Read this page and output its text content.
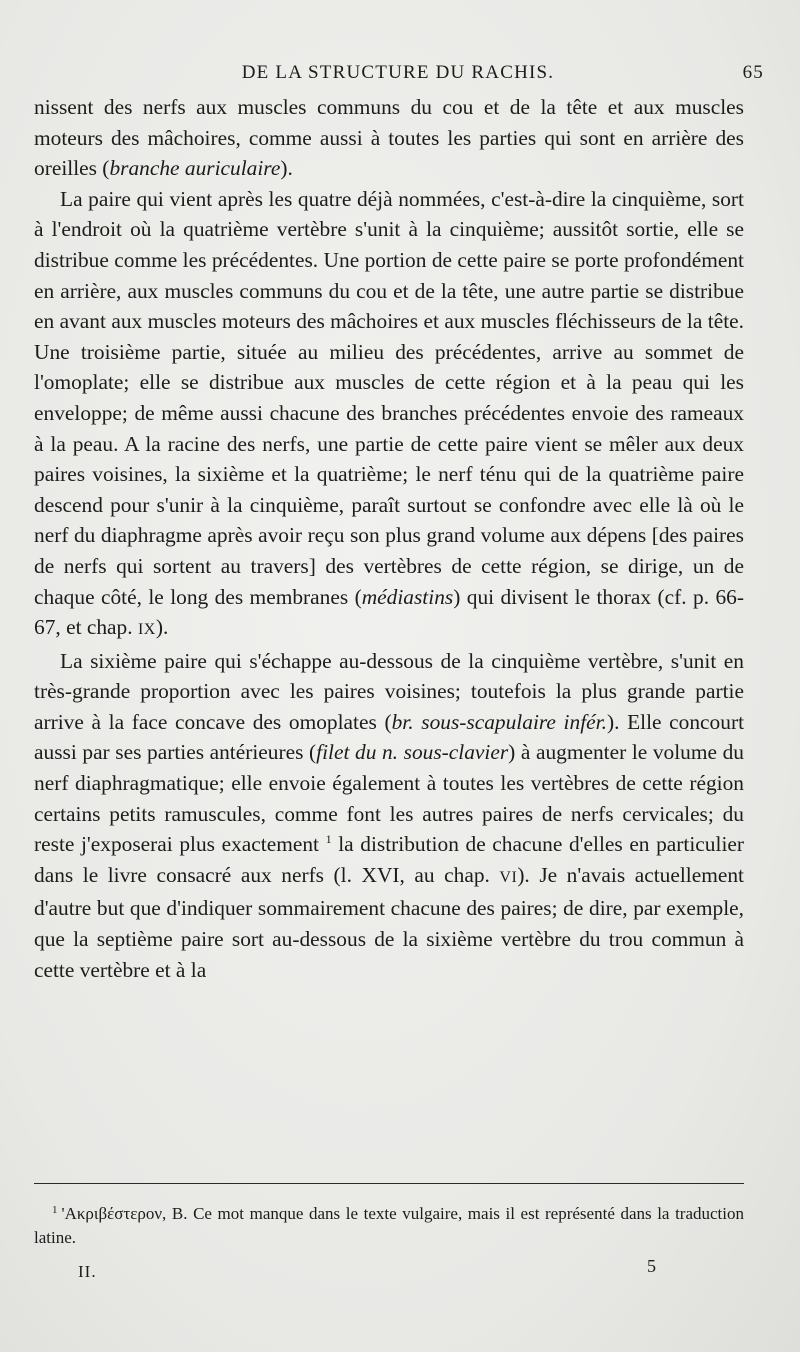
DE LA STRUCTURE DU RACHIS.	65

nissent des nerfs aux muscles communs du cou et de la tête et aux muscles moteurs des mâchoires, comme aussi à toutes les parties qui sont en arrière des oreilles (branche auriculaire).

La paire qui vient après les quatre déjà nommées, c'est-à-dire la cinquième, sort à l'endroit où la quatrième vertèbre s'unit à la cinquième; aussitôt sortie, elle se distribue comme les précédentes. Une portion de cette paire se porte profondément en arrière, aux muscles communs du cou et de la tête, une autre partie se distribue en avant aux muscles moteurs des mâchoires et aux muscles fléchisseurs de la tête. Une troisième partie, située au milieu des précédentes, arrive au sommet de l'omoplate; elle se distribue aux muscles de cette région et à la peau qui les enveloppe; de même aussi chacune des branches précédentes envoie des rameaux à la peau. A la racine des nerfs, une partie de cette paire vient se mêler aux deux paires voisines, la sixième et la quatrième; le nerf ténu qui de la quatrième paire descend pour s'unir à la cinquième, paraît surtout se confondre avec elle là où le nerf du diaphragme après avoir reçu son plus grand volume aux dépens [des paires de nerfs qui sortent au travers] des vertèbres de cette région, se dirige, un de chaque côté, le long des membranes (médiastins) qui divisent le thorax (cf. p. 66-67, et chap. IX).

La sixième paire qui s'échappe au-dessous de la cinquième vertèbre, s'unit en très-grande proportion avec les paires voisines; toutefois la plus grande partie arrive à la face concave des omoplates (br. sous-scapulaire infér.). Elle concourt aussi par ses parties antérieures (filet du n. sous-clavier) à augmenter le volume du nerf diaphragmatique; elle envoie également à toutes les vertèbres de cette région certains petits ramuscules, comme font les autres paires de nerfs cervicales; du reste j'exposerai plus exactement $^1$ la distribution de chacune d'elles en particulier dans le livre consacré aux nerfs (l. XVI, au chap. VI). Je n'avais actuellement d'autre but que d'indiquer sommairement chacune des paires; de dire, par exemple, que la septième paire sort au-dessous de la sixième vertèbre du trou commun à cette vertèbre et à la

$^1$ 'Ακριβέστερον, B. Ce mot manque dans le texte vulgaire, mais il est représenté dans la traduction latine.
II.	5
